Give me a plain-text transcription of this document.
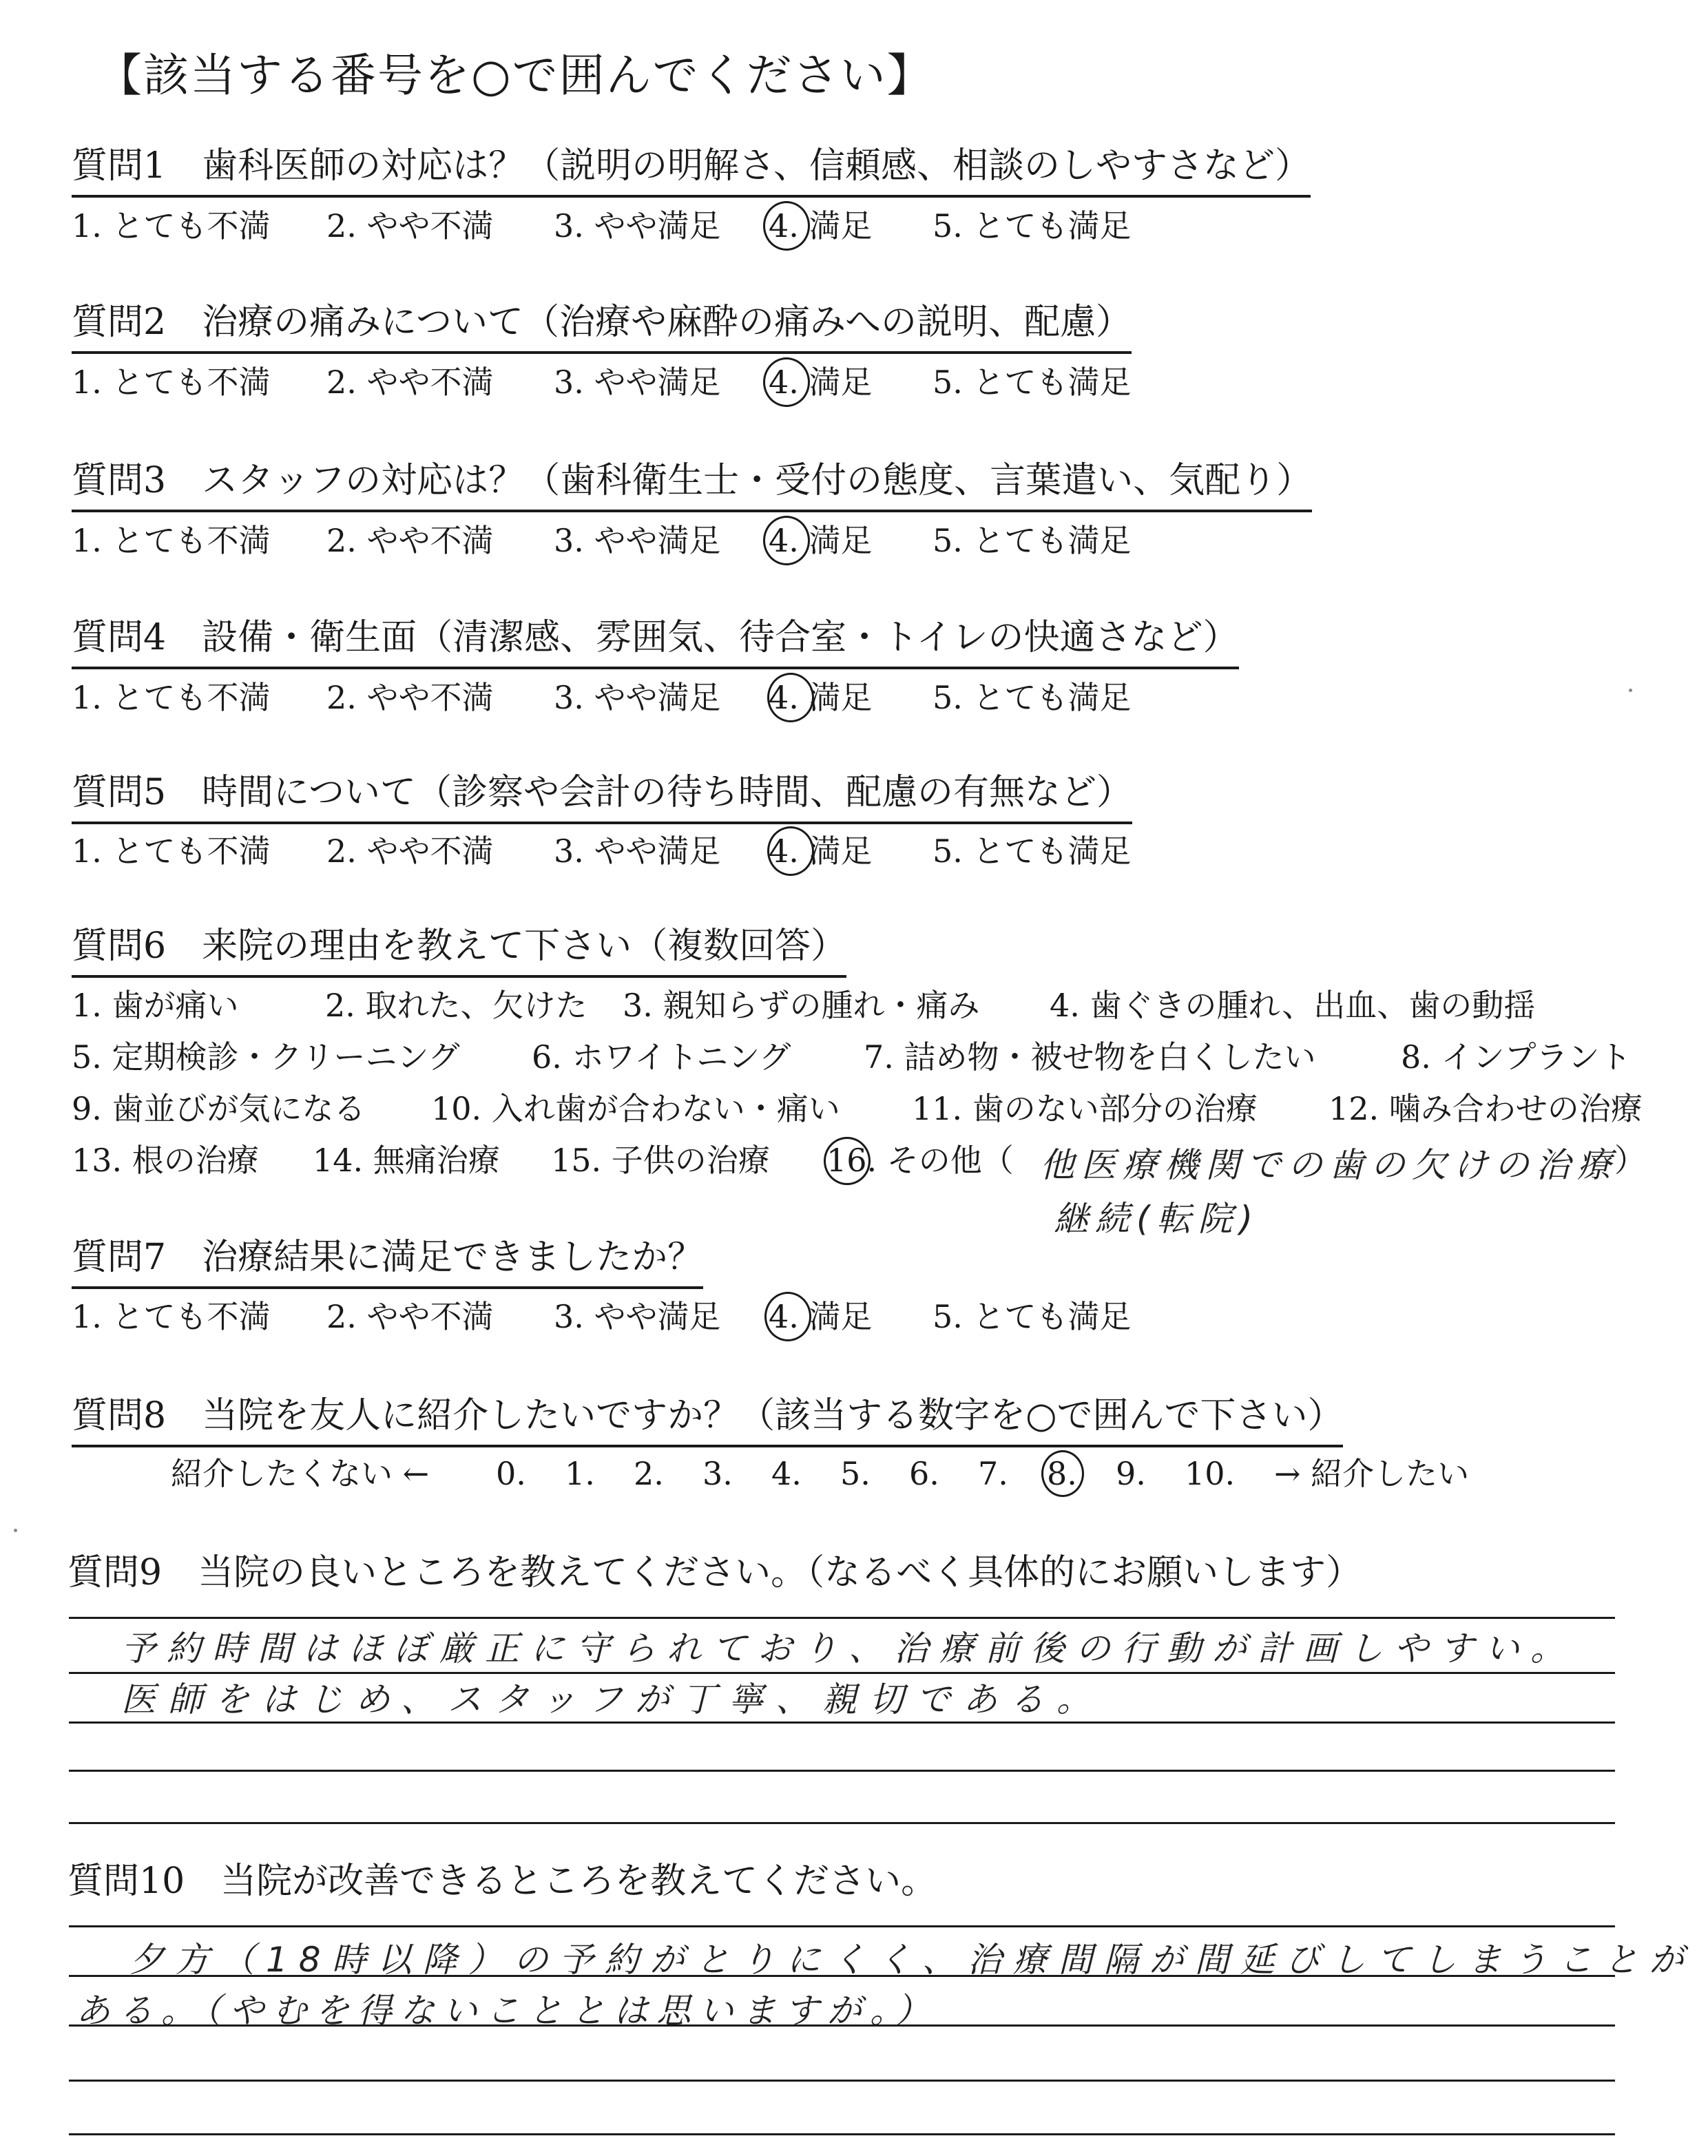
【該当する番号を○で囲んでください】
質問1　歯科医師の対応は？（説明の明解さ、信頼感、相談のしやすさなど）
1. とても不満 2. やや不満 3. やや満足 4. 満足 5. とても満足
質問2　治療の痛みについて（治療や麻酔の痛みへの説明、配慮）
1. とても不満 2. やや不満 3. やや満足 4. 満足 5. とても満足
質問3　スタッフの対応は？（歯科衛生士・受付の態度、言葉遣い、気配り）
1. とても不満 2. やや不満 3. やや満足 4. 満足 5. とても満足
質問4　設備・衛生面（清潔感、雰囲気、待合室・トイレの快適さなど）
1. とても不満 2. やや不満 3. やや満足 4. 満足 5. とても満足
質問5　時間について（診察や会計の待ち時間、配慮の有無など）
1. とても不満 2. やや不満 3. やや満足 4. 満足 5. とても満足
質問6　来院の理由を教えて下さい（複数回答）
1. 歯が痛い	2. 取れた、欠けた 3. 親知らずの腫れ・痛み 4. 歯ぐきの腫れ、出血、歯の動揺
5. 定期検診・クリーニング 6. ホワイトニング 7. 詰め物・被せ物を白くしたい	8. インプラント
9. 歯並びが気になる 10. 入れ歯が合わない・痛い 11. 歯のない部分の治療 12. 噛み合わせの治療
13. 根の治療 14. 無痛治療 15. 子供の治療 16. その他（	）
他医療機関での歯の欠けの治療
継続(転院)
質問7　治療結果に満足できましたか？
1. とても不満 2. やや不満 3. やや満足 4. 満足 5. とても満足
質問8　当院を友人に紹介したいですか？（該当する数字を○で囲んで下さい）
紹介したくない ← 0. 1. 2. 3. 4. 5. 6. 7. 8. 9. 10. → 紹介したい
質問9　当院の良いところを教えてください。（なるべく具体的にお願いします）
予約時間はほぼ厳正に守られており、治療前後の行動が計画しやすい。
医師をはじめ、スタッフが丁寧、親切である。
質問10　当院が改善できるところを教えてください。
夕方（18時以降）の予約がとりにくく、治療間隔が間延びしてしまうことが
ある。（やむを得ないこととは思いますが。）
